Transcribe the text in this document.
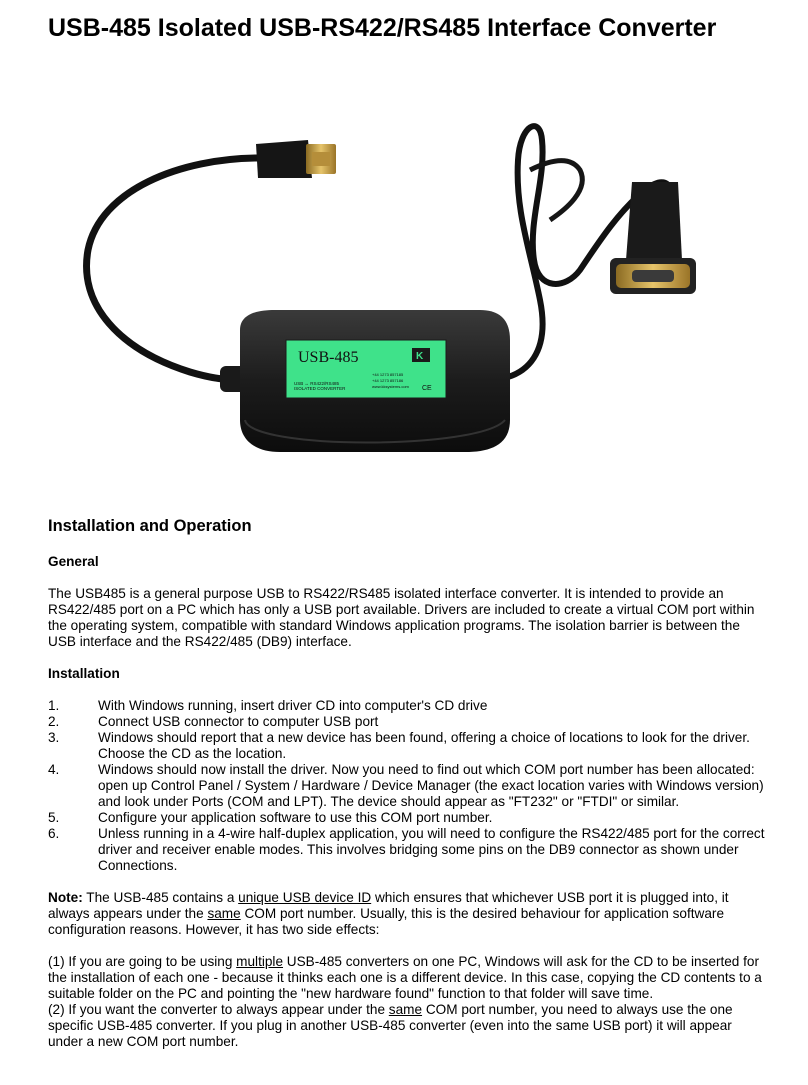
USB-485 Isolated USB-RS422/RS485 Interface Converter
USB-485
USB ↔ RS422/RS485
ISOLATED CONVERTER
+44 1273 857185
+44 1273 857186
www.kksystems.com
K
CE
Installation and Operation
General

The USB485 is a general purpose USB to RS422/RS485 isolated interface converter. It is intended to provide an RS422/485 port on a PC which has only a USB port available. Drivers are included to create a virtual COM port within the operating system, compatible with standard Windows application programs. The isolation barrier is between the USB interface and the RS422/485 (DB9) interface.

Installation
1.	With Windows running, insert driver CD into computer's CD drive
2.	Connect USB connector to computer USB port
3.	Windows should report that a new device has been found, offering a choice of locations to look for the driver. Choose the CD as the location.
4.	Windows should now install the driver. Now you need to find out which COM port number has been allocated: open up Control Panel / System / Hardware / Device Manager (the exact location varies with Windows version) and look under Ports (COM and LPT). The device should appear as "FT232" or "FTDI" or similar.
5.	Configure your application software to use this COM port number.
6.	Unless running in a 4-wire half-duplex application, you will need to configure the RS422/485 port for the correct driver and receiver enable modes. This involves bridging some pins on the DB9 connector as shown under Connections.

Note: The USB-485 contains a unique USB device ID which ensures that whichever USB port it is plugged into, it always appears under the same COM port number. Usually, this is the desired behaviour for application software configuration reasons. However, it has two side effects:

(1) If you are going to be using multiple USB-485 converters on one PC, Windows will ask for the CD to be inserted for the installation of each one - because it thinks each one is a different device. In this case, copying the CD contents to a suitable folder on the PC and pointing the "new hardware found" function to that folder will save time.
(2) If you want the converter to always appear under the same COM port number, you need to always use the one specific USB-485 converter. If you plug in another USB-485 converter (even into the same USB port) it will appear under a new COM port number.
